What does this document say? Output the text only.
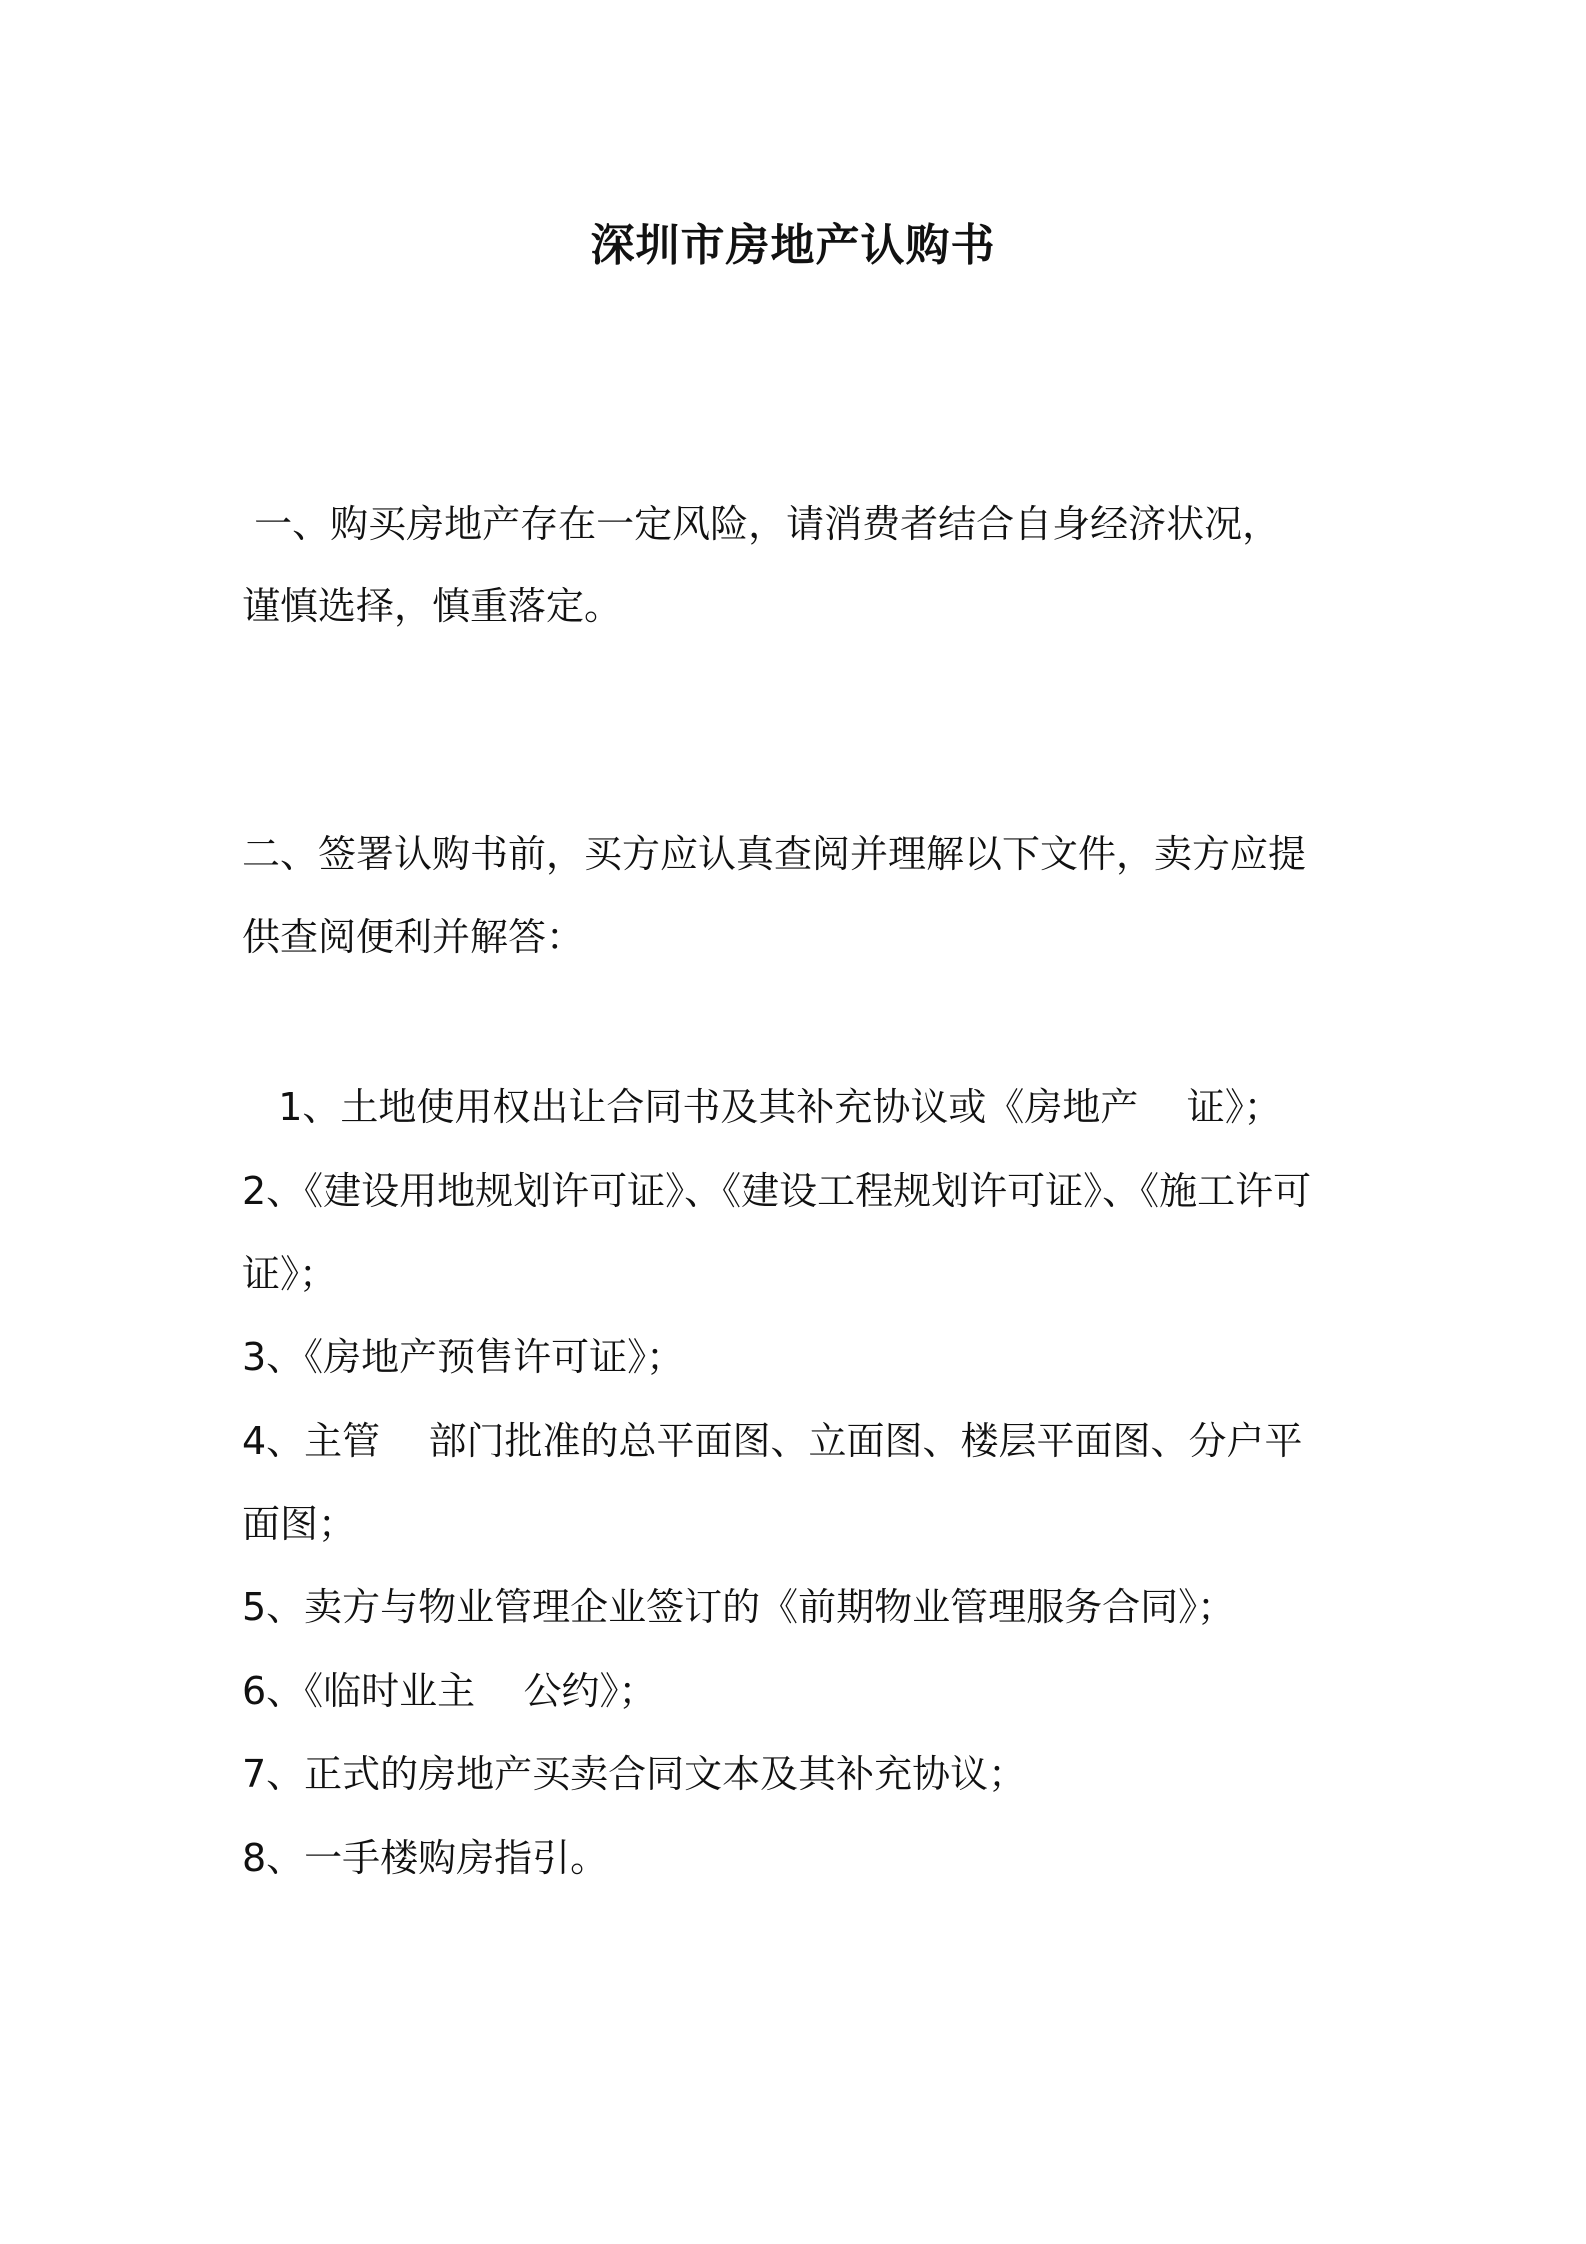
深圳市房地产认购书

一、购买房地产存在一定风险，请消费者结合自身经济状况，

谨慎选择，慎重落定。

二、签署认购书前，买方应认真查阅并理解以下文件，卖方应提

供查阅便利并解答：

1、土地使用权出让合同书及其补充协议或《房地产    证》；

2、《建设用地规划许可证》、《建设工程规划许可证》、《施工许可

证》；

3、《房地产预售许可证》；

4、主管    部门批准的总平面图、立面图、楼层平面图、分户平

面图；

5、卖方与物业管理企业签订的《前期物业管理服务合同》；

6、《临时业主    公约》；

7、正式的房地产买卖合同文本及其补充协议；

8、一手楼购房指引。
